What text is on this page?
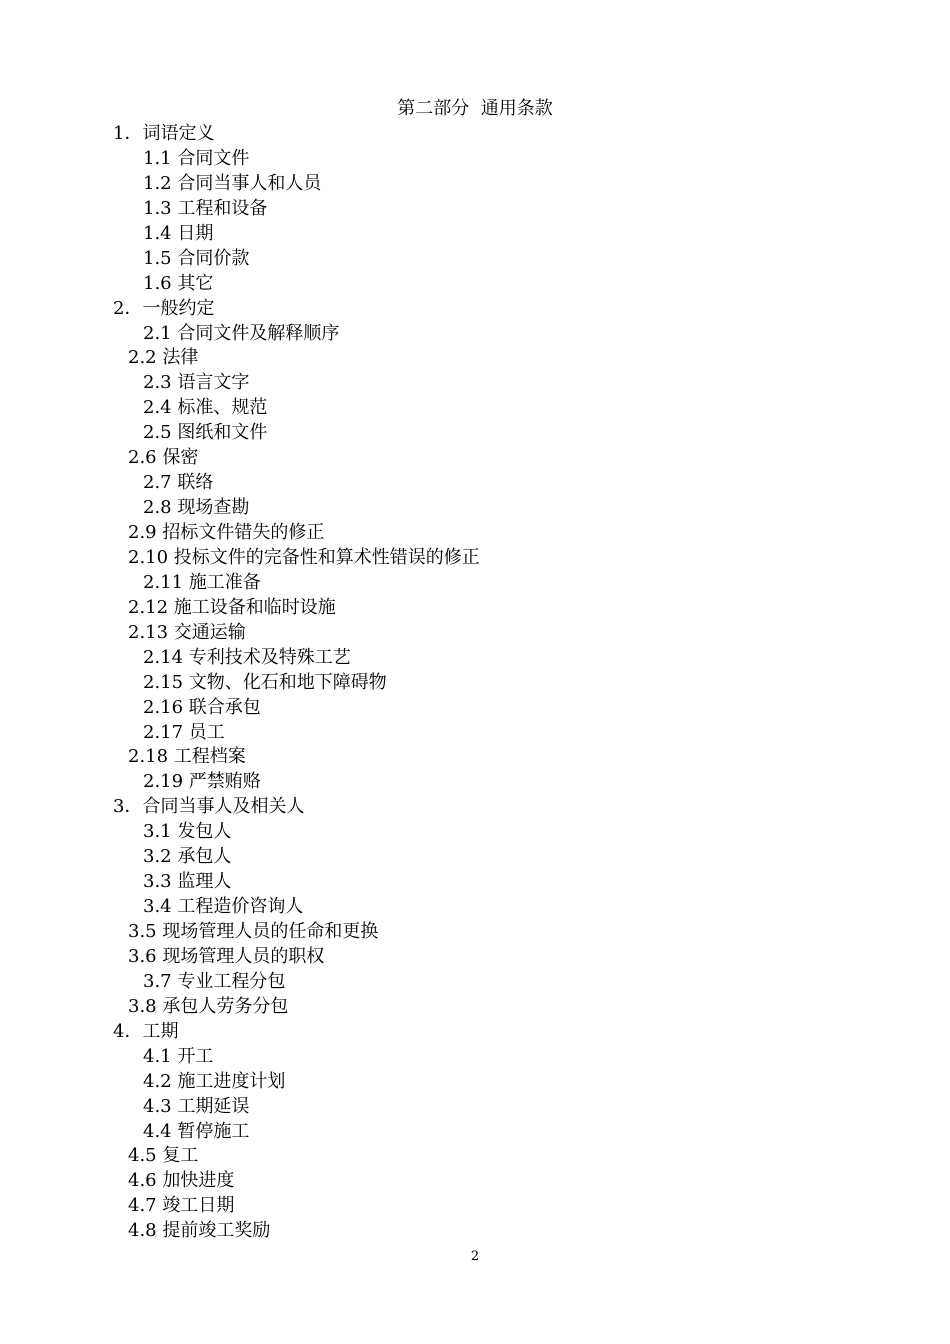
第二部分  通用条款
1．词语定义
1.1 合同文件
1.2 合同当事人和人员
1.3 工程和设备
1.4 日期
1.5 合同价款
1.6 其它
2．一般约定
2.1 合同文件及解释顺序
2.2 法律
2.3 语言文字
2.4 标准、规范
2.5 图纸和文件
2.6 保密
2.7 联络
2.8 现场查勘
2.9 招标文件错失的修正
2.10 投标文件的完备性和算术性错误的修正
2.11 施工准备
2.12 施工设备和临时设施
2.13 交通运输
2.14 专利技术及特殊工艺
2.15 文物、化石和地下障碍物
2.16 联合承包
2.17 员工
2.18 工程档案
2.19 严禁贿赂
3．合同当事人及相关人
3.1 发包人
3.2 承包人
3.3 监理人
3.4 工程造价咨询人
3.5 现场管理人员的任命和更换
3.6 现场管理人员的职权
3.7 专业工程分包
3.8 承包人劳务分包
4．工期
4.1 开工
4.2 施工进度计划
4.3 工期延误
4.4 暂停施工
4.5 复工
4.6 加快进度
4.7 竣工日期
4.8 提前竣工奖励
2
